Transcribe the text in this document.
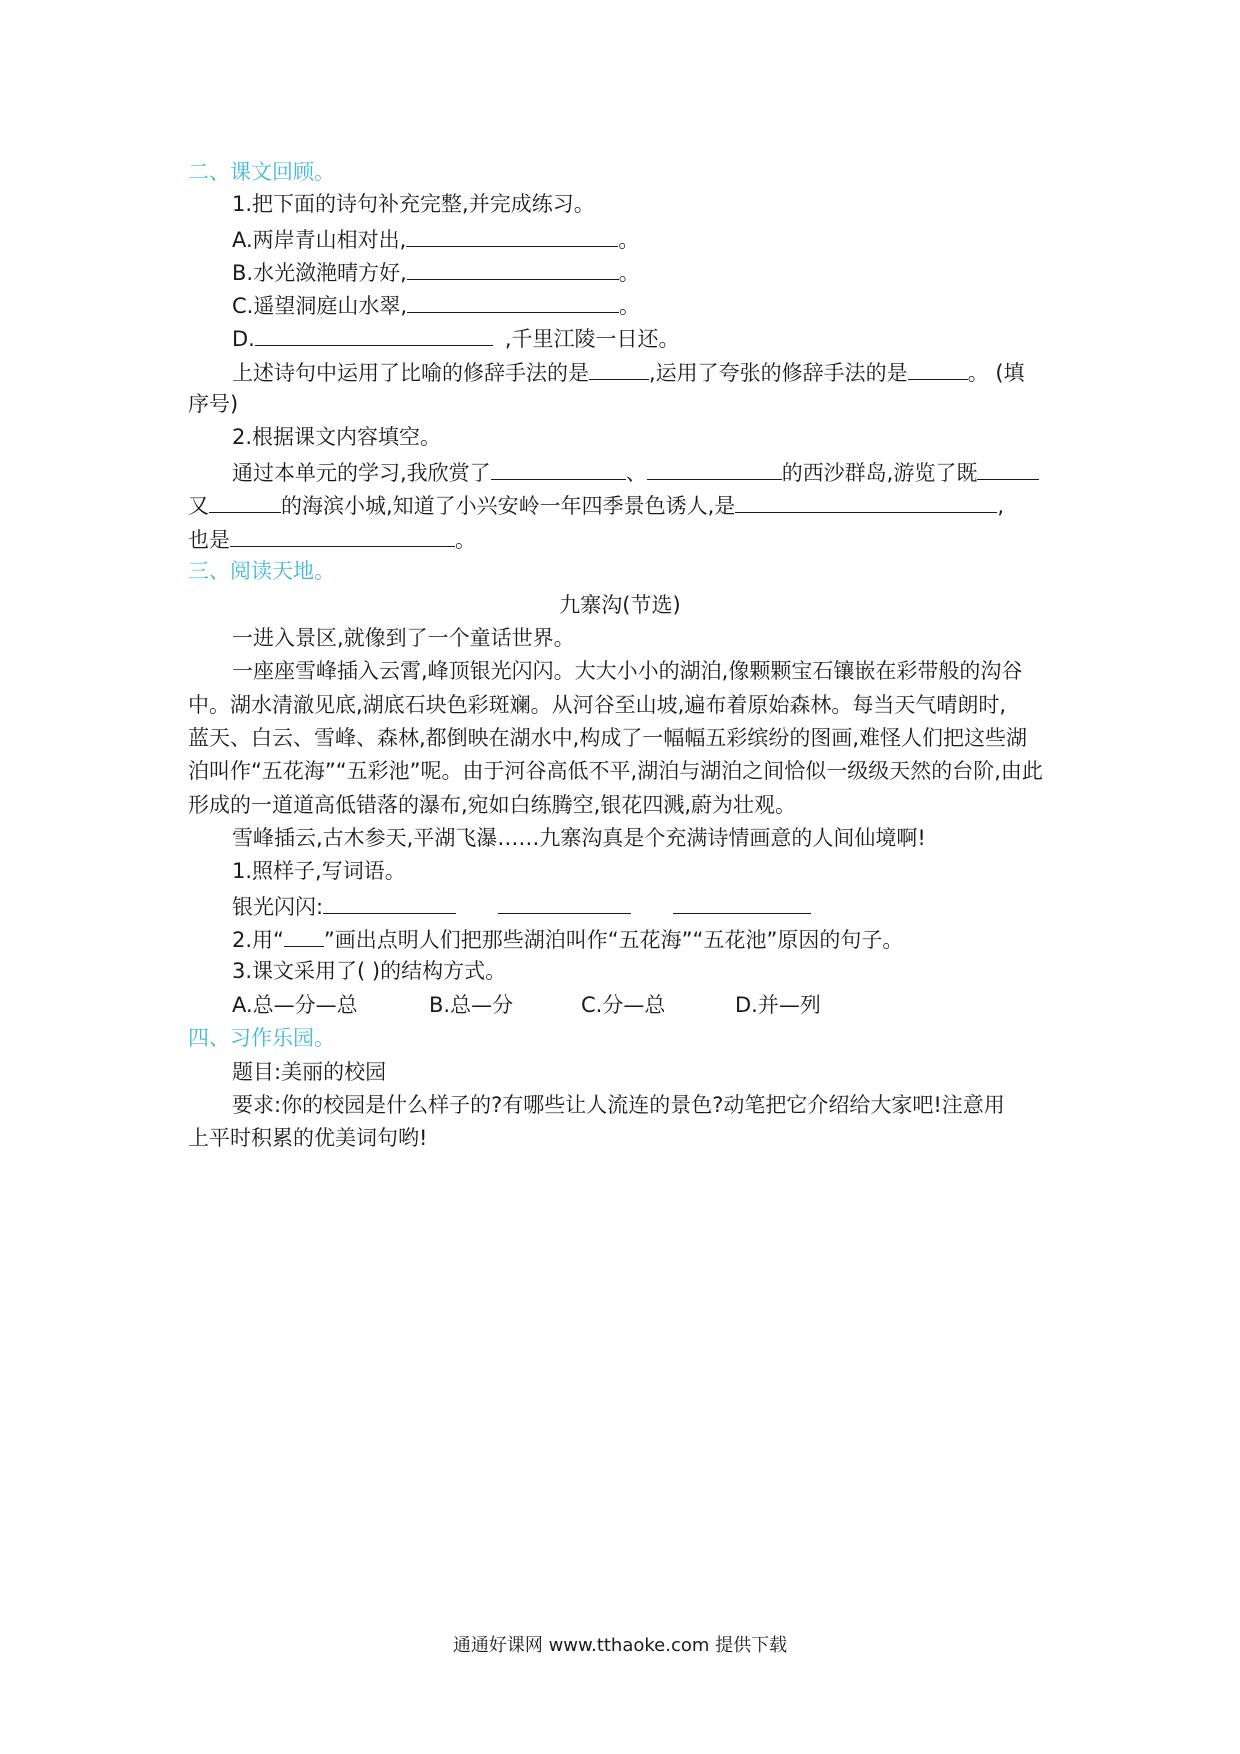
二、课文回顾。
1.把下面的诗句补充完整,并完成练习。
A.两岸青山相对出,	。
B.水光潋滟晴方好,	。
C.遥望洞庭山水翠,	。
D.	,千里江陵一日还。
上述诗句中运用了比喻的修辞手法的是	,运用了夸张的修辞手法的是	。 (填
序号)
2.根据课文内容填空。
通过本单元的学习,我欣赏了	、	的西沙群岛,游览了既
又	的海滨小城,知道了小兴安岭一年四季景色诱人,是	,
也是	。
三、阅读天地。
九寨沟(节选)
一进入景区,就像到了一个童话世界。
一座座雪峰插入云霄,峰顶银光闪闪。大大小小的湖泊,像颗颗宝石镶嵌在彩带般的沟谷
中。湖水清澈见底,湖底石块色彩斑斓。从河谷至山坡,遍布着原始森林。每当天气晴朗时,
蓝天、白云、雪峰、森林,都倒映在湖水中,构成了一幅幅五彩缤纷的图画,难怪人们把这些湖
泊叫作“五花海”“五彩池”呢。由于河谷高低不平,湖泊与湖泊之间恰似一级级天然的台阶,由此
形成的一道道高低错落的瀑布,宛如白练腾空,银花四溅,蔚为壮观。
雪峰插云,古木参天,平湖飞瀑……九寨沟真是个充满诗情画意的人间仙境啊!
1.照样子,写词语。
银光闪闪:
2.用“ ”画出点明人们把那些湖泊叫作“五花海”“五花池”原因的句子。
3.课文采用了( )的结构方式。
A.总—分—总	B.总—分	C.分—总	D.并—列
四、习作乐园。
题目:美丽的校园
要求:你的校园是什么样子的?有哪些让人流连的景色?动笔把它介绍给大家吧!注意用
上平时积累的优美词句哟!
通通好课网 www.tthaoke.com 提供下载
